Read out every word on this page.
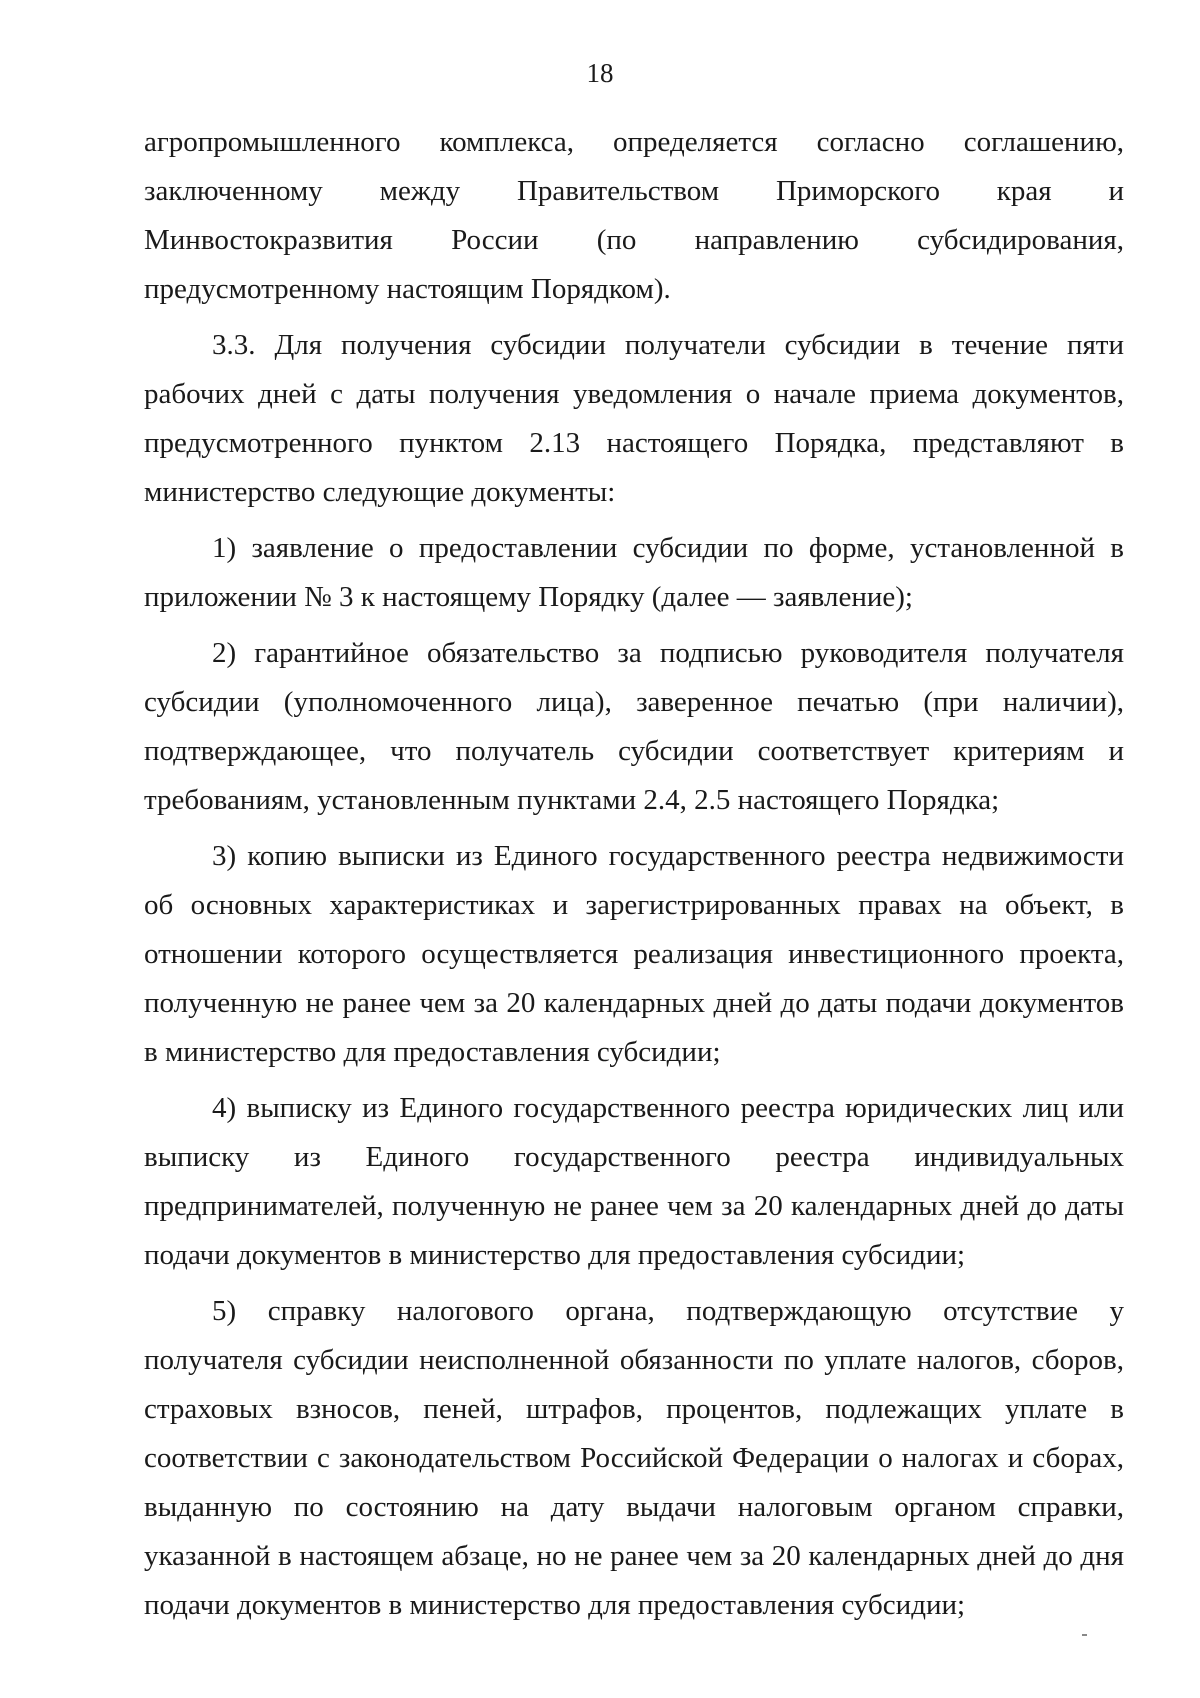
18

агропромышленного комплекса, определяется согласно соглашению, заключенному между Правительством Приморского края и Минвостокразвития России (по направлению субсидирования, предусмотренному настоящим Порядком).

3.3. Для получения субсидии получатели субсидии в течение пяти рабочих дней с даты получения уведомления о начале приема документов, предусмотренного пунктом 2.13 настоящего Порядка, представляют в министерство следующие документы:

1) заявление о предоставлении субсидии по форме, установленной в приложении № 3 к настоящему Порядку (далее — заявление);

2) гарантийное обязательство за подписью руководителя получателя субсидии (уполномоченного лица), заверенное печатью (при наличии), подтверждающее, что получатель субсидии соответствует критериям и требованиям, установленным пунктами 2.4, 2.5 настоящего Порядка;

3) копию выписки из Единого государственного реестра недвижимости об основных характеристиках и зарегистрированных правах на объект, в отношении которого осуществляется реализация инвестиционного проекта, полученную не ранее чем за 20 календарных дней до даты подачи документов в министерство для предоставления субсидии;

4) выписку из Единого государственного реестра юридических лиц или выписку из Единого государственного реестра индивидуальных предпринимателей, полученную не ранее чем за 20 календарных дней до даты подачи документов в министерство для предоставления субсидии;

5) справку налогового органа, подтверждающую отсутствие у получателя субсидии неисполненной обязанности по уплате налогов, сборов, страховых взносов, пеней, штрафов, процентов, подлежащих уплате в соответствии с законодательством Российской Федерации о налогах и сборах, выданную по состоянию на дату выдачи налоговым органом справки, указанной в настоящем абзаце, но не ранее чем за 20 календарных дней до дня подачи документов в министерство для предоставления субсидии;
